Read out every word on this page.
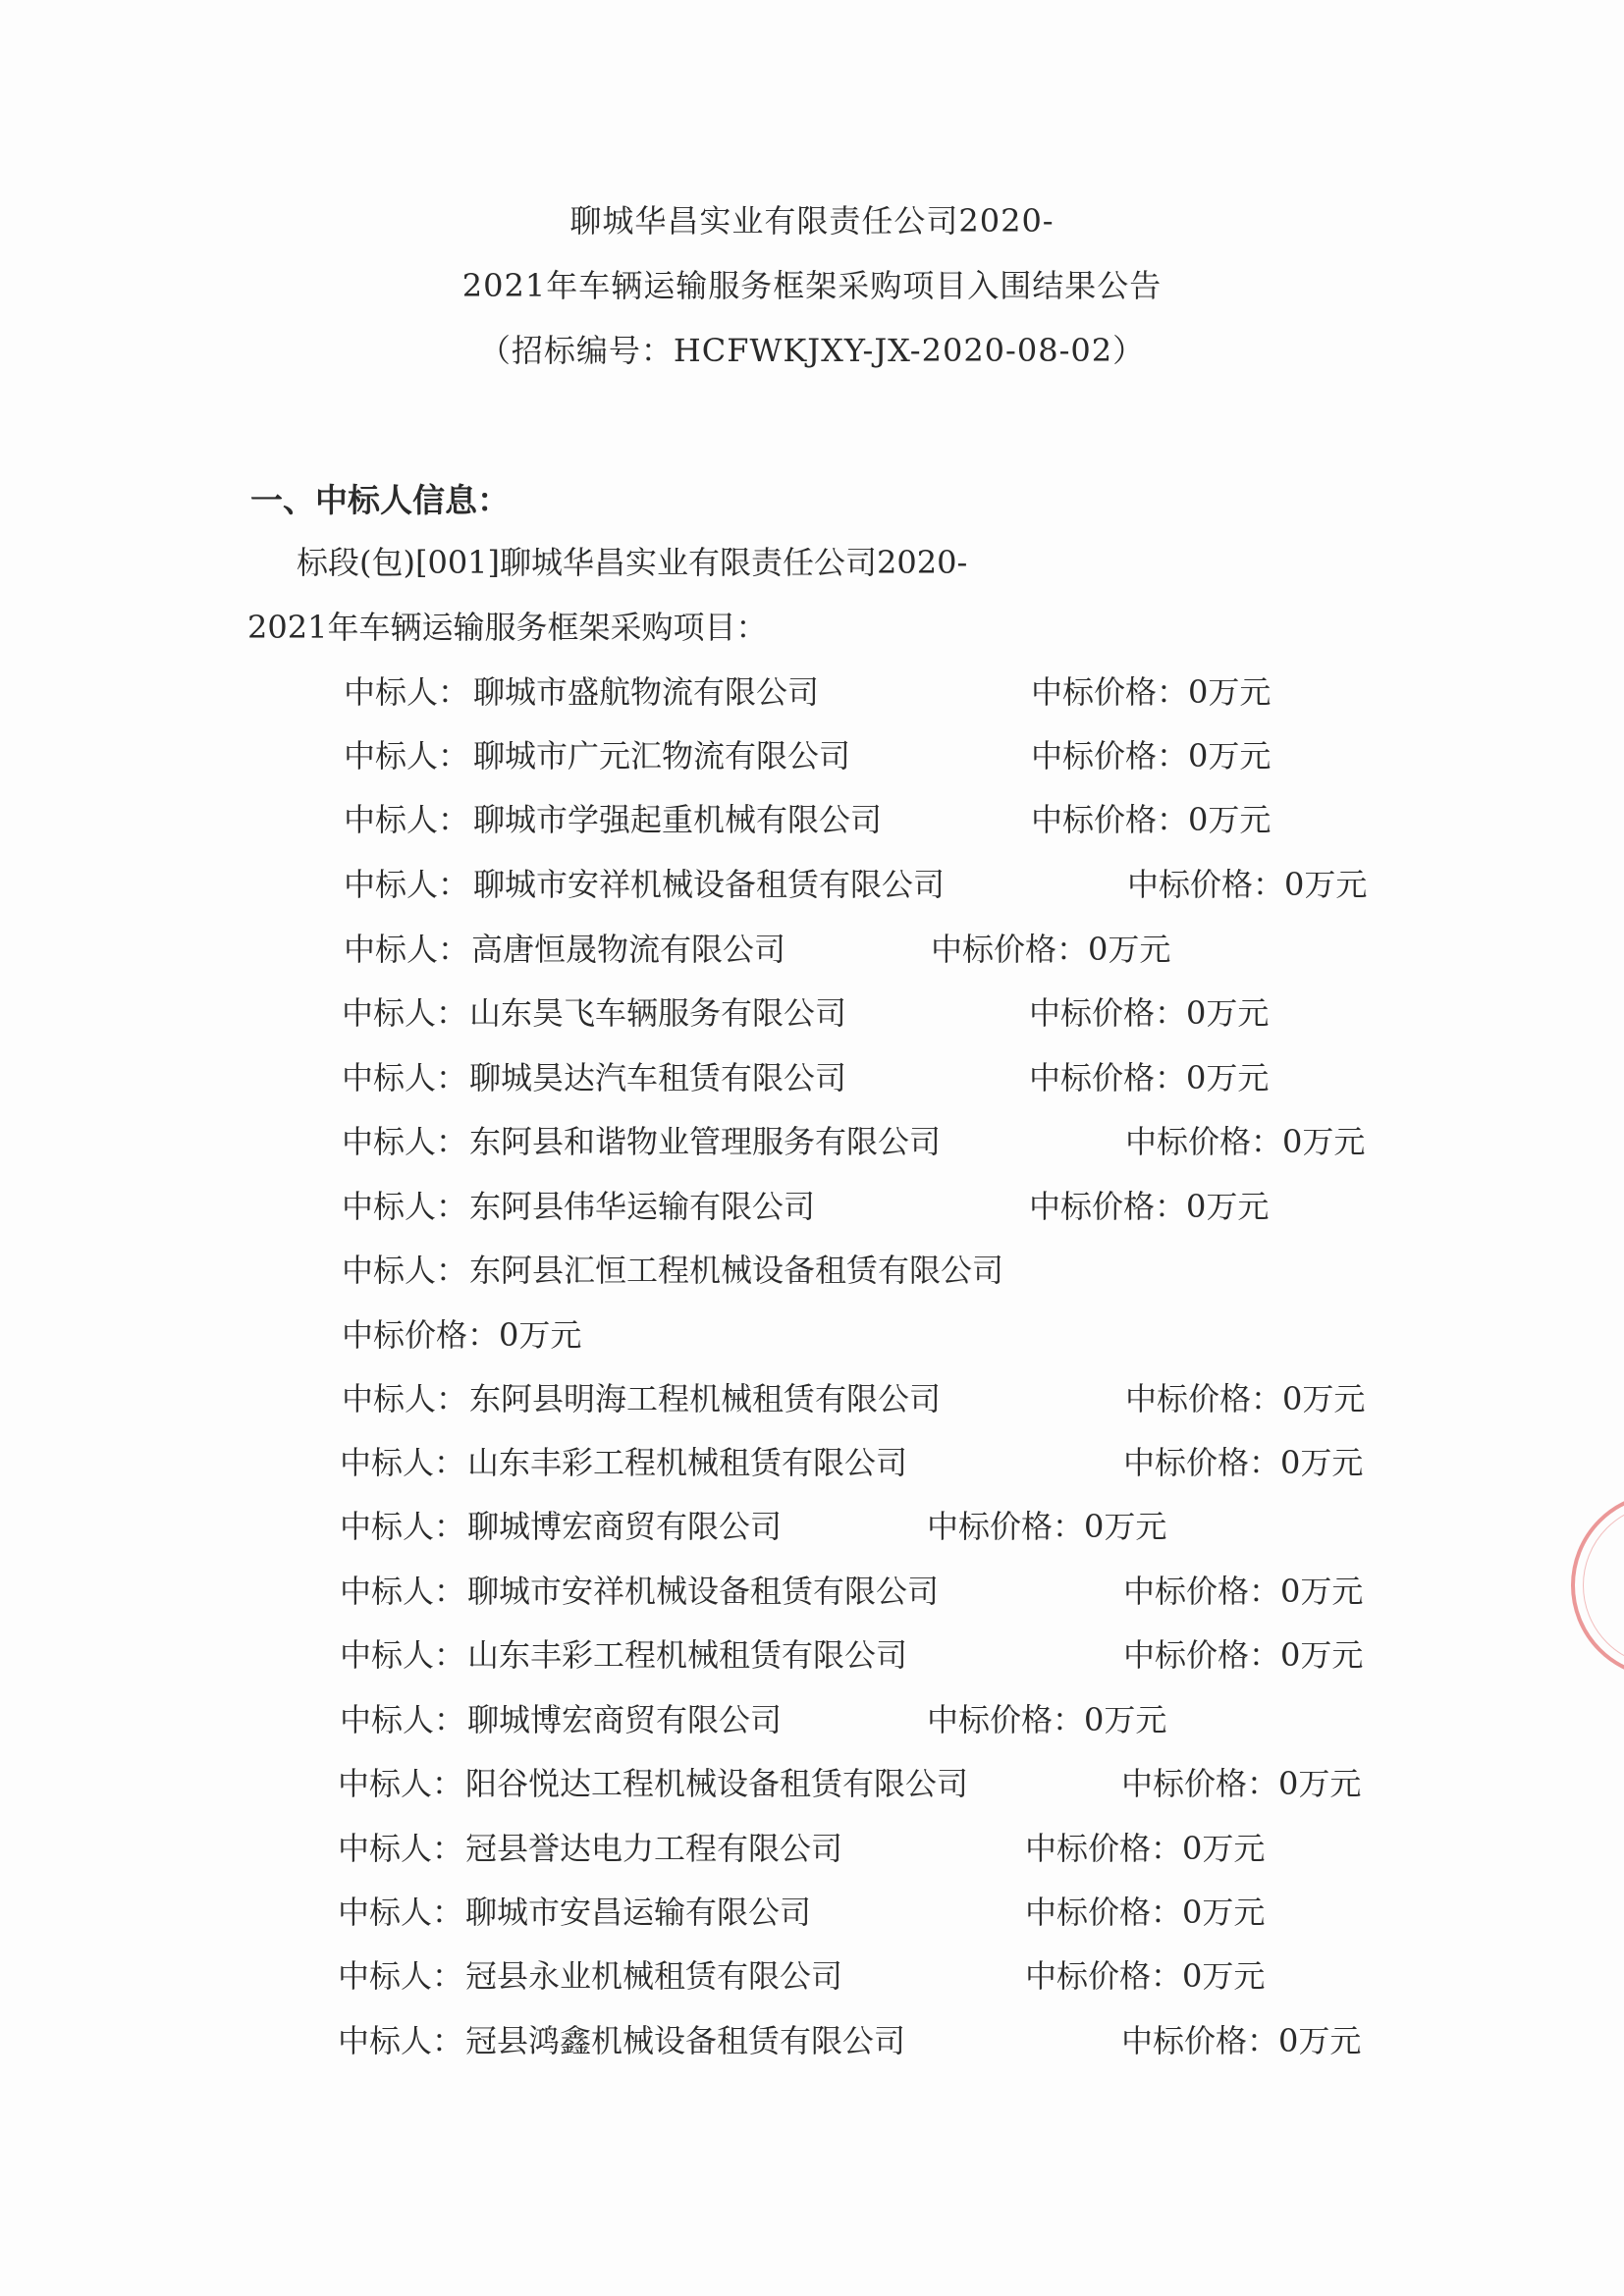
聊城华昌实业有限责任公司2020-
2021年车辆运输服务框架采购项目入围结果公告
（招标编号：HCFWKJXY-JX-2020-08-02）
一、中标人信息：
标段(包)[001]聊城华昌实业有限责任公司2020-
2021年车辆运输服务框架采购项目：
中标人： 聊城市盛航物流有限公司	中标价格：0万元
中标人： 聊城市广元汇物流有限公司	中标价格：0万元
中标人： 聊城市学强起重机械有限公司	中标价格：0万元
中标人： 聊城市安祥机械设备租赁有限公司	中标价格：0万元
中标人： 高唐恒晟物流有限公司	中标价格：0万元
中标人： 山东昊飞车辆服务有限公司	中标价格：0万元
中标人： 聊城昊达汽车租赁有限公司	中标价格：0万元
中标人： 东阿县和谐物业管理服务有限公司	中标价格：0万元
中标人： 东阿县伟华运输有限公司	中标价格：0万元
中标人： 东阿县汇恒工程机械设备租赁有限公司
中标价格：0万元
中标人： 东阿县明海工程机械租赁有限公司	中标价格：0万元
中标人： 山东丰彩工程机械租赁有限公司	中标价格：0万元
中标人： 聊城博宏商贸有限公司	中标价格：0万元
中标人： 聊城市安祥机械设备租赁有限公司	中标价格：0万元
中标人： 山东丰彩工程机械租赁有限公司	中标价格：0万元
中标人： 聊城博宏商贸有限公司	中标价格：0万元
中标人： 阳谷悦达工程机械设备租赁有限公司	中标价格：0万元
中标人： 冠县誉达电力工程有限公司	中标价格：0万元
中标人： 聊城市安昌运输有限公司	中标价格：0万元
中标人： 冠县永业机械租赁有限公司	中标价格：0万元
中标人： 冠县鸿鑫机械设备租赁有限公司	中标价格：0万元
